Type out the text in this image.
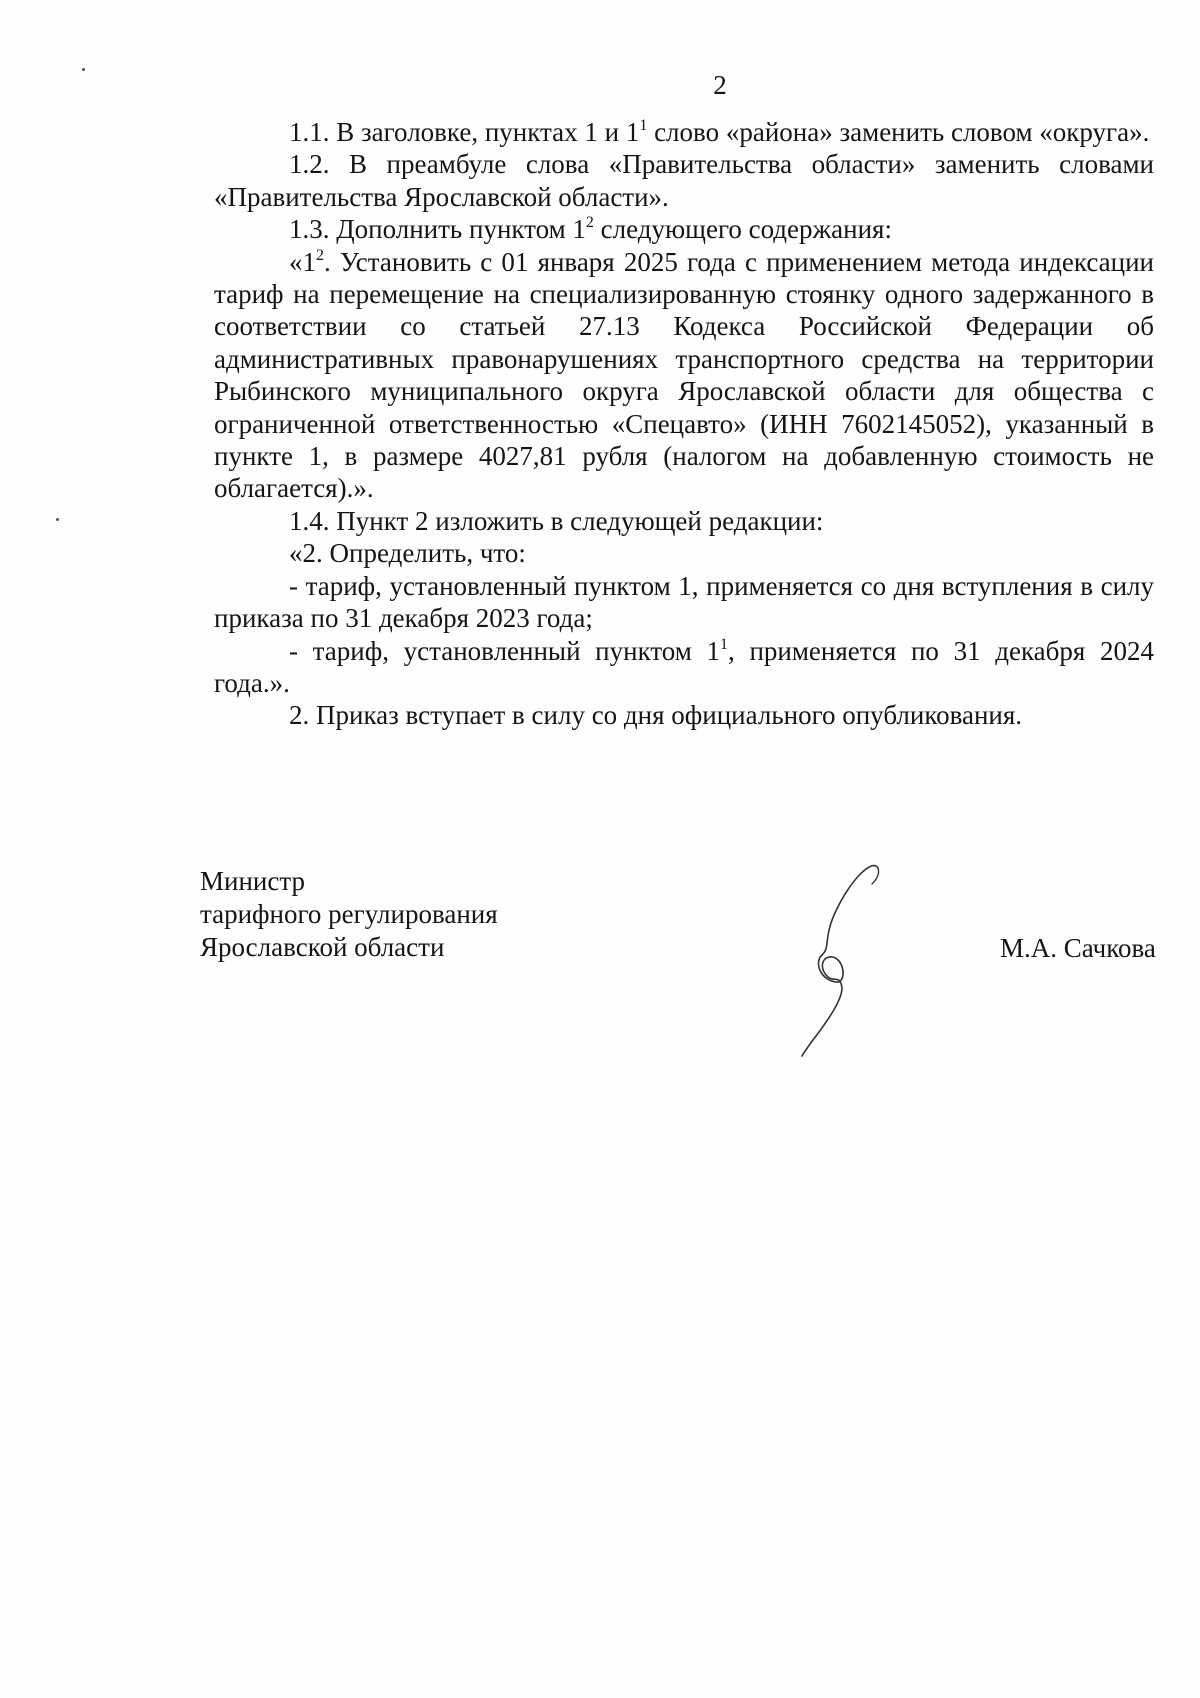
2

1.1. В заголовке, пунктах 1 и $1^1$ слово «района» заменить словом «округа».

1.2. В преамбуле слова «Правительства области» заменить словами «Правительства Ярославской области».

1.3. Дополнить пунктом $1^2$ следующего содержания:

«$1^2$. Установить с 01 января 2025 года с применением метода индексации тариф на перемещение на специализированную стоянку одного задержанного в соответствии со статьей 27.13 Кодекса Российской Федерации об административных правонарушениях транспортного средства на территории Рыбинского муниципального округа Ярославской области для общества с ограниченной ответственностью «Спецавто» (ИНН 7602145052), указанный в пункте 1, в размере 4027,81 рубля (налогом на добавленную стоимость не облагается).».

1.4. Пункт 2 изложить в следующей редакции:

«2. Определить, что:

- тариф, установленный пунктом 1, применяется со дня вступления в силу приказа по 31 декабря 2023 года;

- тариф, установленный пунктом $1^1$, применяется по 31 декабря 2024 года.».

2. Приказ вступает в силу со дня официального опубликования.

Министр
тарифного регулирования
Ярославской области	М.А. Сачкова
